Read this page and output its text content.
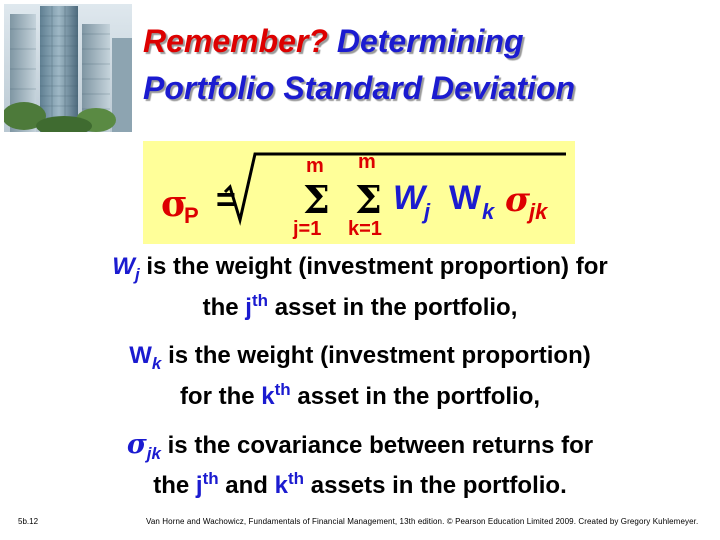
Remember? Determining
Portfolio Standard Deviation
σ
P =
m
Σ
j=1
m
Σ
k=1
W
j W k σ
jk
$W_j$ is the weight (investment proportion) for
the $j^{th}$ asset in the portfolio,
$W_k$ is the weight (investment proportion)
for the $k^{th}$ asset in the portfolio,
$\sigma_{jk}$ is the covariance between returns for
the $j^{th}$ and $k^{th}$ assets in the portfolio.
5b.12	Van Horne and Wachowicz, Fundamentals of Financial Management, 13th edition. © Pearson Education Limited 2009. Created by Gregory Kuhlemeyer.
